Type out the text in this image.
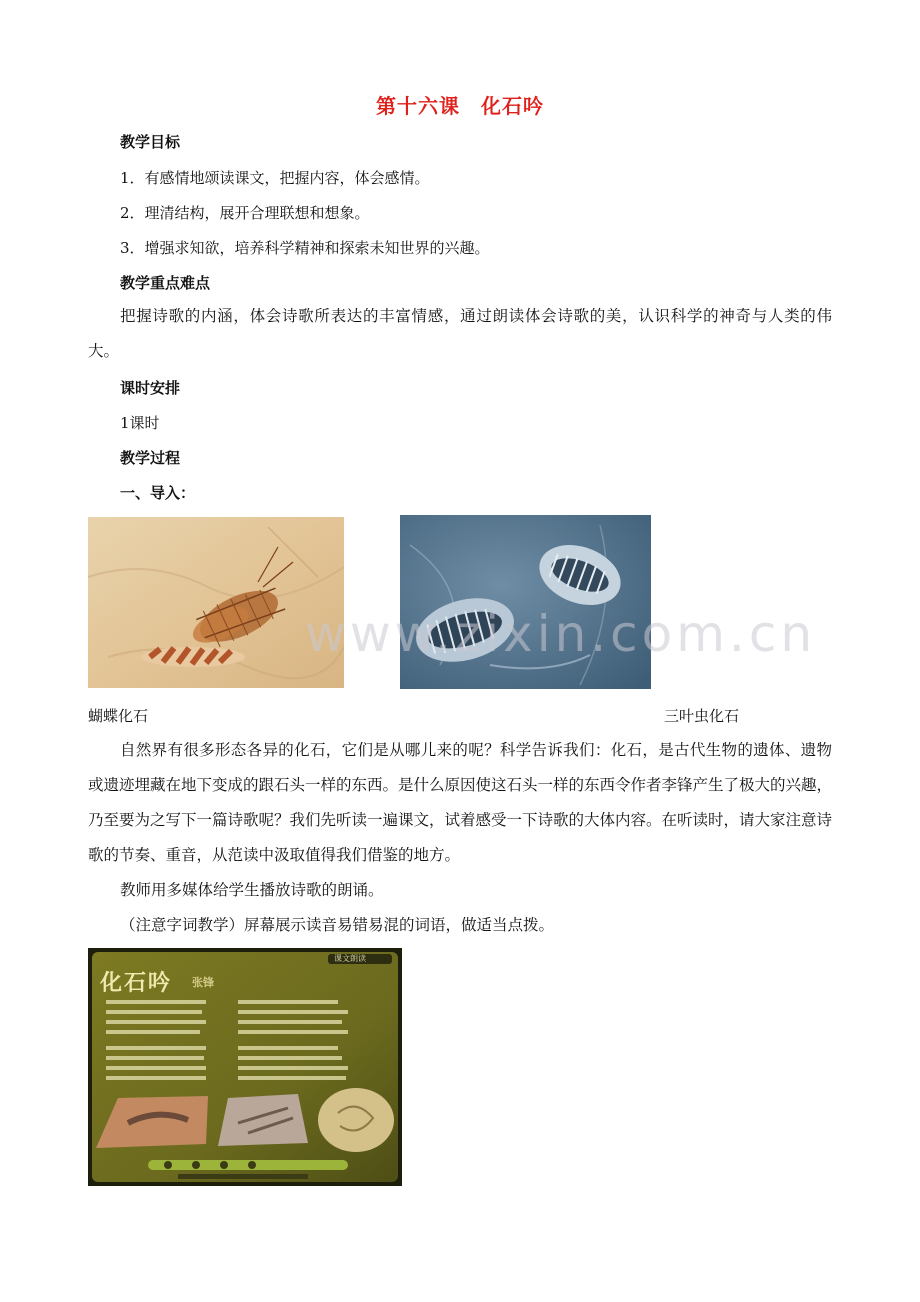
第十六课　化石吟
教学目标
1．有感情地颂读课文，把握内容，体会感情。
2．理清结构，展开合理联想和想象。
3．增强求知欲，培养科学精神和探索未知世界的兴趣。
教学重点难点
把握诗歌的内涵，体会诗歌所表达的丰富情感，通过朗读体会诗歌的美，认识科学的神奇与人类的伟大。
课时安排
1课时
教学过程
一、导入：
www.zixin.com.cn
蝴蝶化石	三叶虫化石
自然界有很多形态各异的化石，它们是从哪儿来的呢？科学告诉我们：化石，是古代生物的遗体、遗物或遗迹埋藏在地下变成的跟石头一样的东西。是什么原因使这石头一样的东西令作者李锋产生了极大的兴趣，乃至要为之写下一篇诗歌呢？我们先听读一遍课文，试着感受一下诗歌的大体内容。在听读时，请大家注意诗歌的节奏、重音，从范读中汲取值得我们借鉴的地方。
教师用多媒体给学生播放诗歌的朗诵。
（注意字词教学）屏幕展示读音易错易混的词语，做适当点拨。
化石吟 张锋
课文朗读
